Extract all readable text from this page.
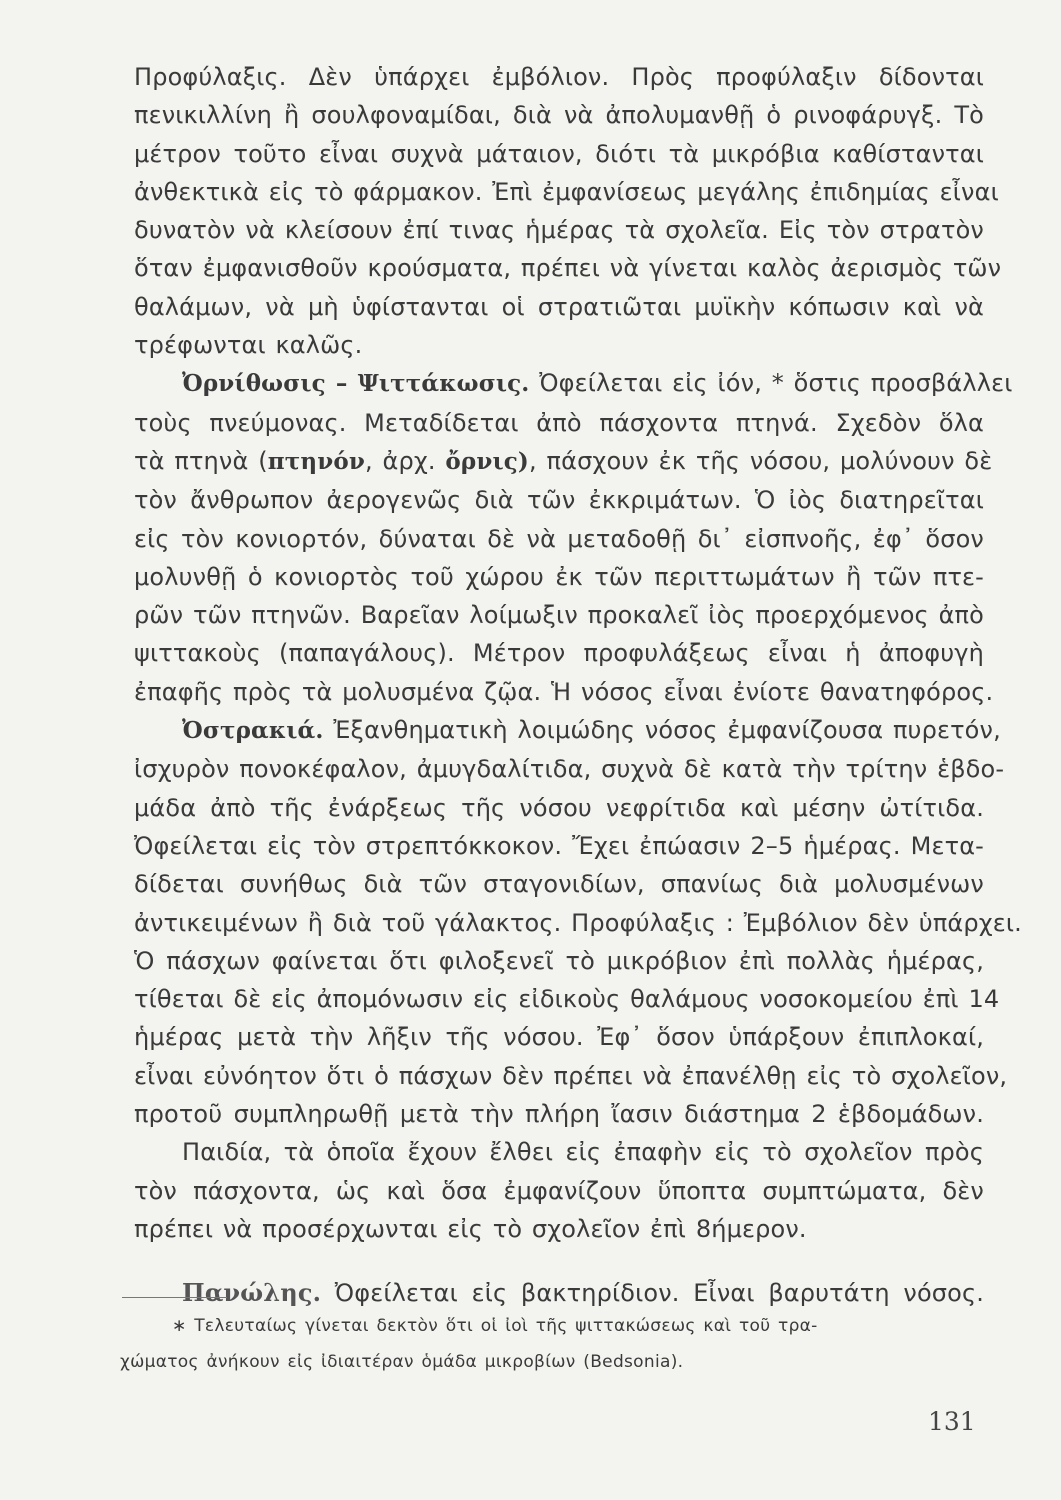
Προφύλαξις. Δὲν ὑπάρχει ἐμβόλιον. Πρὸς προφύλαξιν δίδονται
πενικιλλίνη ἢ σουλφοναμίδαι, διὰ νὰ ἀπολυμανθῇ ὁ ρινοφάρυγξ. Τὸ
μέτρον τοῦτο εἶναι συχνὰ μάταιον, διότι τὰ μικρόβια καθίστανται
ἀνθεκτικὰ εἰς τὸ φάρμακον. Ἐπὶ ἐμφανίσεως μεγάλης ἐπιδημίας εἶναι
δυνατὸν νὰ κλείσουν ἐπί τινας ἡμέρας τὰ σχολεῖα. Εἰς τὸν στρατὸν
ὅταν ἐμφανισθοῦν κρούσματα, πρέπει νὰ γίνεται καλὸς ἀερισμὸς τῶν
θαλάμων, νὰ μὴ ὑφίστανται οἱ στρατιῶται μυϊκὴν κόπωσιν καὶ νὰ
τρέφωνται καλῶς.
Ὀρνίθωσις – Ψιττάκωσις. Ὀφείλεται εἰς ἰόν, * ὅστις προσβάλλει
τοὺς πνεύμονας. Μεταδίδεται ἀπὸ πάσχοντα πτηνά. Σχεδὸν ὅλα
τὰ πτηνὰ (πτηνόν, ἀρχ. ὄρνις), πάσχουν ἐκ τῆς νόσου, μολύνουν δὲ
τὸν ἄνθρωπον ἀερογενῶς διὰ τῶν ἐκκριμάτων. Ὁ ἰὸς διατηρεῖται
εἰς τὸν κονιορτόν, δύναται δὲ νὰ μεταδοθῇ δι᾽ εἰσπνοῆς, ἐφ᾽ ὅσον
μολυνθῇ ὁ κονιορτὸς τοῦ χώρου ἐκ τῶν περιττωμάτων ἢ τῶν πτε-
ρῶν τῶν πτηνῶν. Βαρεῖαν λοίμωξιν προκαλεῖ ἰὸς προερχόμενος ἀπὸ
ψιττακοὺς (παπαγάλους). Μέτρον προφυλάξεως εἶναι ἡ ἀποφυγὴ
ἐπαφῆς πρὸς τὰ μολυσμένα ζῷα. Ἡ νόσος εἶναι ἐνίοτε θανατηφόρος.
Ὀστρακιά. Ἐξανθηματικὴ λοιμώδης νόσος ἐμφανίζουσα πυρετόν,
ἰσχυρὸν πονοκέφαλον, ἀμυγδαλίτιδα, συχνὰ δὲ κατὰ τὴν τρίτην ἑβδο-
μάδα ἀπὸ τῆς ἐνάρξεως τῆς νόσου νεφρίτιδα καὶ μέσην ὠτίτιδα.
Ὀφείλεται εἰς τὸν στρεπτόκκοκον. Ἔχει ἐπώασιν 2–5 ἡμέρας. Μετα-
δίδεται συνήθως διὰ τῶν σταγονιδίων, σπανίως διὰ μολυσμένων
ἀντικειμένων ἢ διὰ τοῦ γάλακτος. Προφύλαξις : Ἐμβόλιον δὲν ὑπάρχει.
Ὁ πάσχων φαίνεται ὅτι φιλοξενεῖ τὸ μικρόβιον ἐπὶ πολλὰς ἡμέρας,
τίθεται δὲ εἰς ἀπομόνωσιν εἰς εἰδικοὺς θαλάμους νοσοκομείου ἐπὶ 14
ἡμέρας μετὰ τὴν λῆξιν τῆς νόσου. Ἐφ᾽ ὅσον ὑπάρξουν ἐπιπλοκαί,
εἶναι εὐνόητον ὅτι ὁ πάσχων δὲν πρέπει νὰ ἐπανέλθῃ εἰς τὸ σχολεῖον,
προτοῦ συμπληρωθῇ μετὰ τὴν πλήρη ἴασιν διάστημα 2 ἑβδομάδων.
Παιδία, τὰ ὁποῖα ἔχουν ἔλθει εἰς ἐπαφὴν εἰς τὸ σχολεῖον πρὸς
τὸν πάσχοντα, ὡς καὶ ὅσα ἐμφανίζουν ὕποπτα συμπτώματα, δὲν
πρέπει νὰ προσέρχωνται εἰς τὸ σχολεῖον ἐπὶ 8ήμερον.
Πανώλης. Ὀφείλεται εἰς βακτηρίδιον. Εἶναι βαρυτάτη νόσος.
∗ Τελευταίως γίνεται δεκτὸν ὅτι οἱ ἰοὶ τῆς ψιττακώσεως καὶ τοῦ τρα-
χώματος ἀνήκουν εἰς ἰδιαιτέραν ὁμάδα μικροβίων (Bedsonia).
131
